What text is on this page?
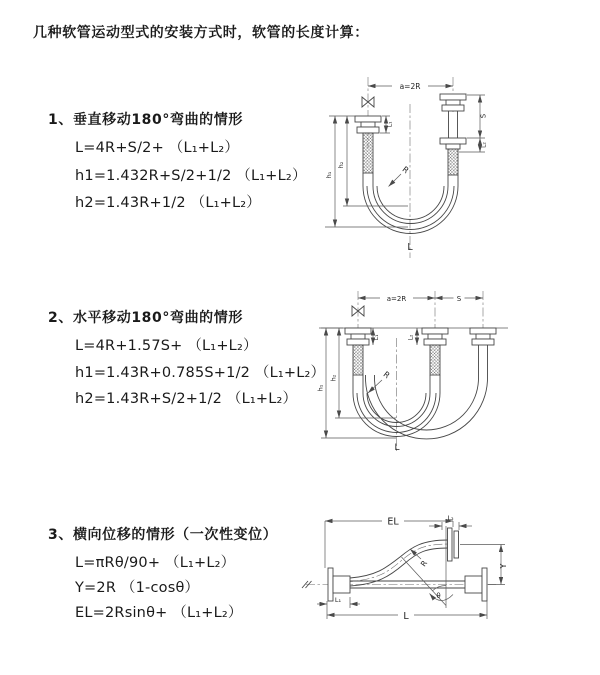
几种软管运动型式的安装方式时，软管的长度计算：
1、垂直移动180°弯曲的情形
L=4R+S/2+ （L₁+L₂）
h1=1.432R+S/2+1/2 （L₁+L₂）
h2=1.43R+1/2 （L₁+L₂）
2、水平移动180°弯曲的情形
L=4R+1.57S+ （L₁+L₂）
h1=1.43R+0.785S+1/2 （L₁+L₂）
h2=1.43R+S/2+1/2 （L₁+L₂）
3、横向位移的情形（一次性变位）
L=πRθ/90+ （L₁+L₂）
Y=2R （1-cosθ）
EL=2Rsinθ+ （L₁+L₂）
a=2R
h₁
h₂
S
L₂
L₁
R
L
a=2R	S
h₁
h₂
L₁	L₂
R
L
EL	L₂
θ
R	Y
L₁
L
